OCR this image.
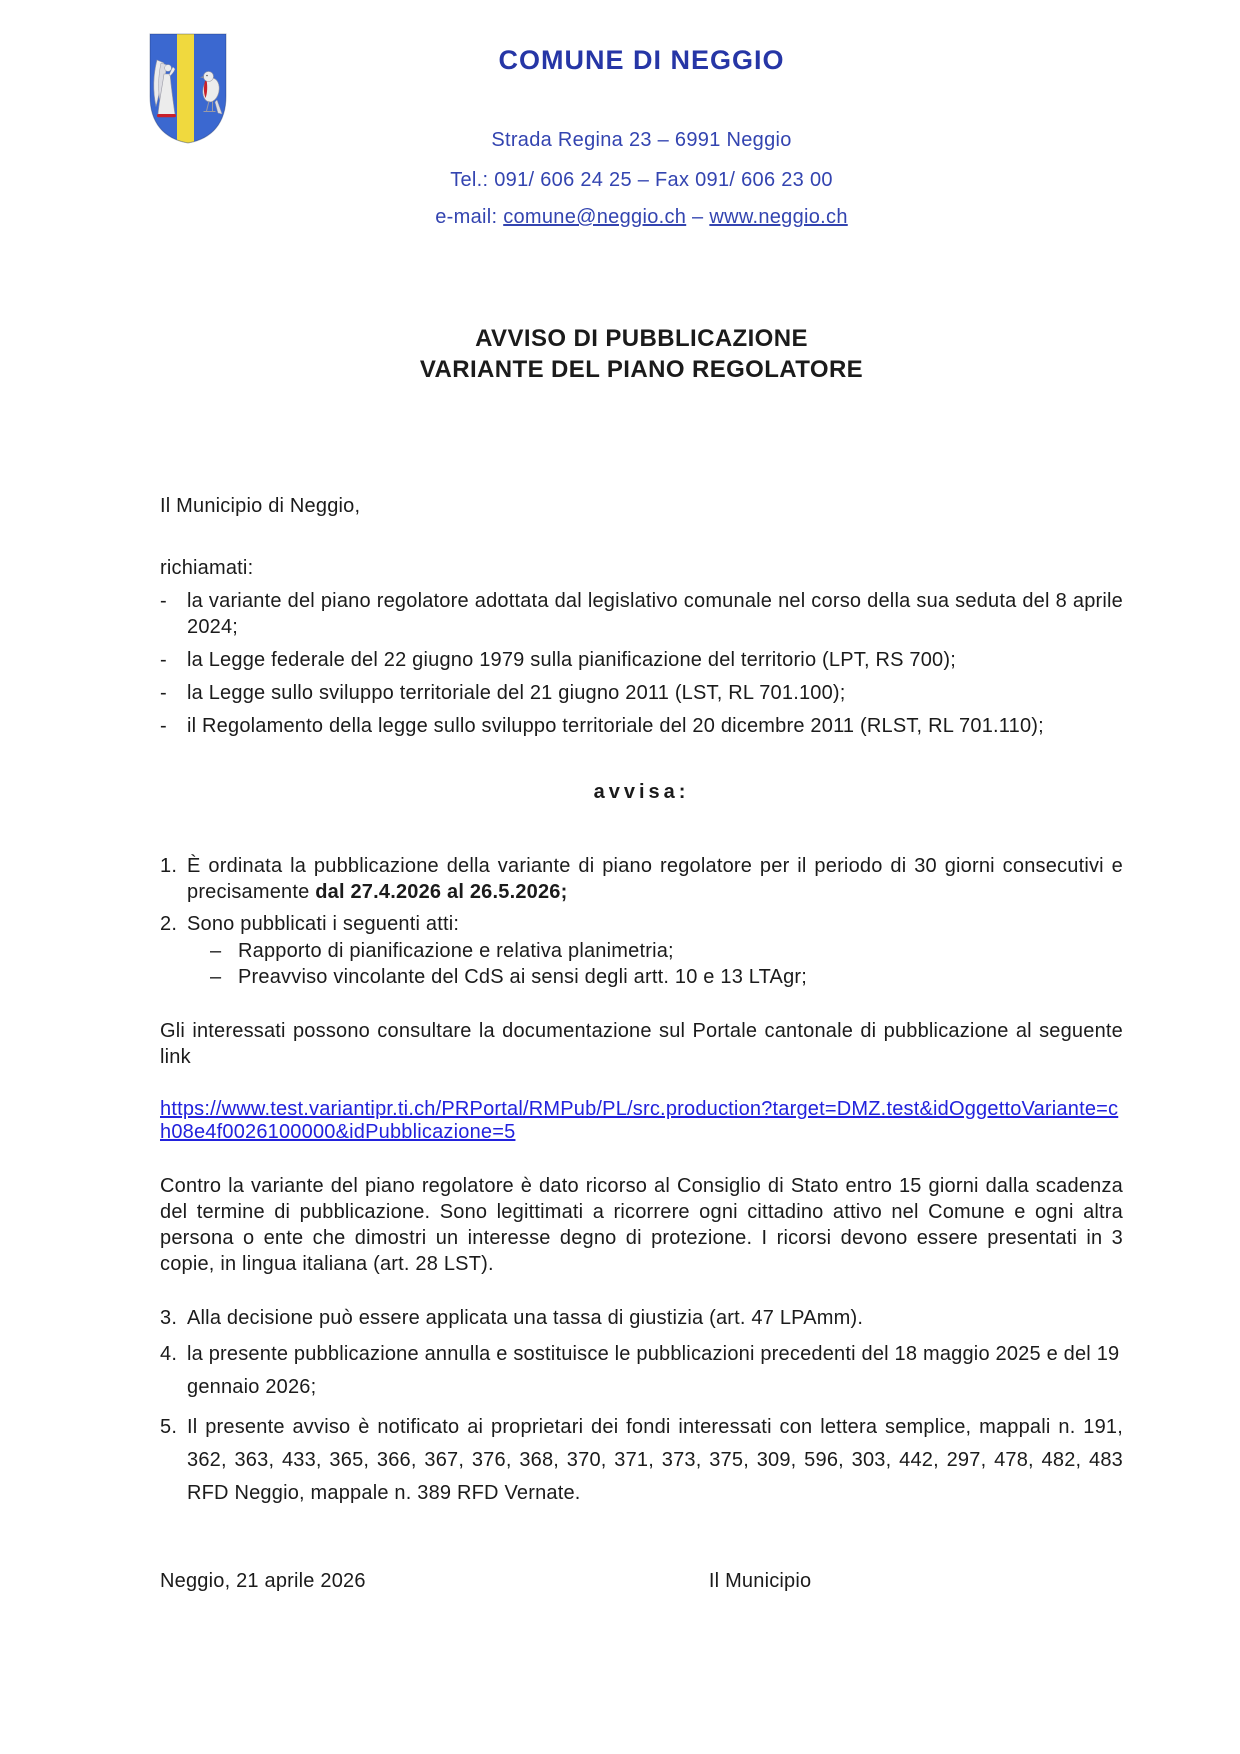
COMUNE DI NEGGIO
Strada Regina 23 – 6991 Neggio
Tel.: 091/ 606 24 25 – Fax 091/ 606 23 00
e-mail: comune@neggio.ch – www.neggio.ch
AVVISO DI PUBBLICAZIONE
VARIANTE DEL PIANO REGOLATORE
Il Municipio di Neggio,
richiamati:
-	la variante del piano regolatore adottata dal legislativo comunale nel corso della sua seduta del 8 aprile 2024;
-	la Legge federale del 22 giugno 1979 sulla pianificazione del territorio (LPT, RS 700);
-	la Legge sullo sviluppo territoriale del 21 giugno 2011 (LST, RL 701.100);
-	il Regolamento della legge sullo sviluppo territoriale del 20 dicembre 2011 (RLST, RL 701.110);
avvisa:
1. È ordinata la pubblicazione della variante di piano regolatore per il periodo di 30 giorni consecutivi e precisamente dal 27.4.2026 al 26.5.2026;
2. Sono pubblicati i seguenti atti:
– Rapporto di pianificazione e relativa planimetria;
– Preavviso vincolante del CdS ai sensi degli artt. 10 e 13 LTAgr;
Gli interessati possono consultare la documentazione sul Portale cantonale di pubblicazione al seguente link
https://www.test.variantipr.ti.ch/PRPortal/RMPub/PL/src.production?target=DMZ.test&idOggettoVariante=ch08e4f0026100000&idPubblicazione=5
Contro la variante del piano regolatore è dato ricorso al Consiglio di Stato entro 15 giorni dalla scadenza del termine di pubblicazione. Sono legittimati a ricorrere ogni cittadino attivo nel Comune e ogni altra persona o ente che dimostri un interesse degno di protezione. I ricorsi devono essere presentati in 3 copie, in lingua italiana (art. 28 LST).
3. Alla decisione può essere applicata una tassa di giustizia (art. 47 LPAmm).
4. la presente pubblicazione annulla e sostituisce le pubblicazioni precedenti del 18 maggio 2025 e del 19 gennaio 2026;
5. Il presente avviso è notificato ai proprietari dei fondi interessati con lettera semplice, mappali n. 191, 362, 363, 433, 365, 366, 367, 376, 368, 370, 371, 373, 375, 309, 596, 303, 442, 297, 478, 482, 483 RFD Neggio, mappale n. 389 RFD Vernate.
Neggio, 21 aprile 2026	Il Municipio
